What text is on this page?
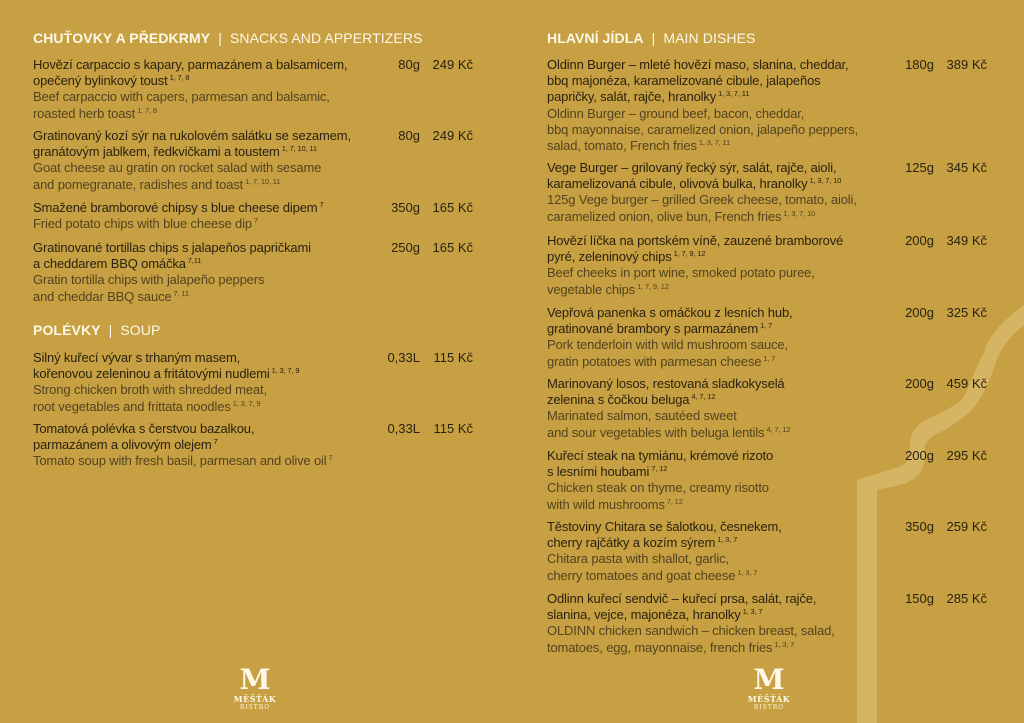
CHUŤOVKY A PŘEDKRMY | SNACKS AND APPERTIZERS
POLÉVKY | SOUP
HLAVNÍ JÍDLA | MAIN DISHES
M
MĚŠŤÁK
BISTRO
M
MĚŠŤÁK
BISTRO
Hovězí carpaccio s kapary, parmazánem a balsamicem,
opečený bylinkový toust $^{1, 7, 8}$
Beef carpaccio with capers, parmesan and balsamic,
roasted herb toast $^{1, 7, 8}$
80g 249 Kč
Gratinovaný kozí sýr na rukolovém salátku se sezamem,
granátovým jablkem, ředkvičkami a toustem $^{1, 7, 10, 11}$
Goat cheese au gratin on rocket salad with sesame
and pomegranate, radishes and toast $^{1, 7, 10, 11}$
80g 249 Kč
Smažené bramborové chipsy s blue cheese dipem $^7$
Fried potato chips with blue cheese dip $^7$
350g 165 Kč
Gratinované tortillas chips s jalapeňos papričkami
a cheddarem BBQ omáčka $^{7,11}$
Gratin tortilla chips with jalapeño peppers
and cheddar BBQ sauce $^{7, 11}$
250g 165 Kč
Silný kuřecí vývar s trhaným masem,
kořenovou zeleninou a fritátovými nudlemi $^{1, 3, 7, 9}$
Strong chicken broth with shredded meat,
root vegetables and frittata noodles $^{1, 3, 7, 9}$
0,33L 115 Kč
Tomatová polévka s čerstvou bazalkou,
parmazánem a olivovým olejem $^7$
Tomato soup with fresh basil, parmesan and olive oil $^7$
0,33L 115 Kč
Oldinn Burger – mleté hovězí maso, slanina, cheddar,
bbq majonéza, karamelizované cibule, jalapeños
papričky, salát, rajče, hranolky $^{1, 3, 7, 11}$
Oldinn Burger – ground beef, bacon, cheddar,
bbq mayonnaise, caramelized onion, jalapeño peppers,
salad, tomato, French fries $^{1, 3, 7, 11}$
180g 389 Kč
Vege Burger – grilovaný řecký sýr, salát, rajče, aioli,
karamelizovaná cibule, olivová bulka, hranolky $^{1, 3, 7, 10}$
125g Vege burger – grilled Greek cheese, tomato, aioli,
caramelized onion, olive bun, French fries $^{1, 3, 7, 10}$
125g 345 Kč
Hovězí líčka na portském víně, zauzené bramborové
pyré, zeleninový chips $^{1, 7, 9, 12}$
Beef cheeks in port wine, smoked potato puree,
vegetable chips $^{1, 7, 9, 12}$
200g 349 Kč
Vepřová panenka s omáčkou z lesních hub,
gratinované brambory s parmazánem $^{1, 7}$
Pork tenderloin with wild mushroom sauce,
gratin potatoes with parmesan cheese $^{1, 7}$
200g 325 Kč
Marinovaný losos, restovaná sladkokyselá
zelenina s čočkou beluga $^{4, 7, 12}$
Marinated salmon, sautéed sweet
and sour vegetables with beluga lentils $^{4, 7, 12}$
200g 459 Kč
Kuřecí steak na tymiánu, krémové rizoto
s lesními houbami $^{7, 12}$
Chicken steak on thyme, creamy risotto
with wild mushrooms $^{7, 12}$
200g 295 Kč
Těstoviny Chitara se šalotkou, česnekem,
cherry rajčátky a kozím sýrem $^{1, 3, 7}$
Chitara pasta with shallot, garlic,
cherry tomatoes and goat cheese $^{1, 3, 7}$
350g 259 Kč
Odlinn kuřecí sendvič – kuřecí prsa, salát, rajče,
slanina, vejce, majonéza, hranolky $^{1, 3, 7}$
OLDINN chicken sandwich – chicken breast, salad,
tomatoes, egg, mayonnaise, french fries $^{1, 3, 7}$
150g 285 Kč
